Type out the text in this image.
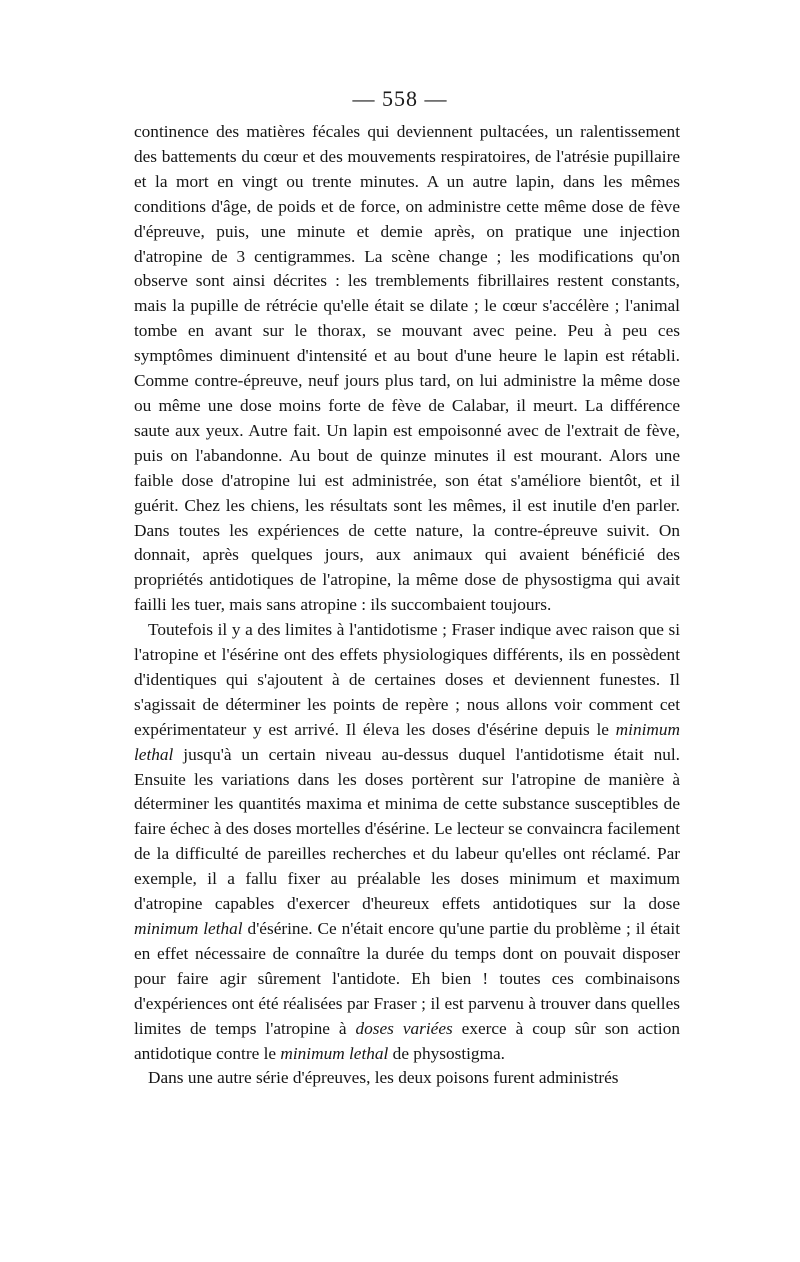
— 558 —

continence des matières fécales qui deviennent pultacées, un ralentissement des battements du cœur et des mouvements respiratoires, de l'atrésie pupillaire et la mort en vingt ou trente minutes. A un autre lapin, dans les mêmes conditions d'âge, de poids et de force, on administre cette même dose de fève d'épreuve, puis, une minute et demie après, on pratique une injection d'atropine de 3 centigrammes. La scène change ; les modifications qu'on observe sont ainsi décrites : les tremblements fibrillaires restent constants, mais la pupille de rétrécie qu'elle était se dilate ; le cœur s'accélère ; l'animal tombe en avant sur le thorax, se mouvant avec peine. Peu à peu ces symptômes diminuent d'intensité et au bout d'une heure le lapin est rétabli. Comme contre-épreuve, neuf jours plus tard, on lui administre la même dose ou même une dose moins forte de fève de Calabar, il meurt. La différence saute aux yeux. Autre fait. Un lapin est empoisonné avec de l'extrait de fève, puis on l'abandonne. Au bout de quinze minutes il est mourant. Alors une faible dose d'atropine lui est administrée, son état s'améliore bientôt, et il guérit. Chez les chiens, les résultats sont les mêmes, il est inutile d'en parler. Dans toutes les expériences de cette nature, la contre-épreuve suivit. On donnait, après quelques jours, aux animaux qui avaient bénéficié des propriétés antidotiques de l'atropine, la même dose de physostigma qui avait failli les tuer, mais sans atropine : ils succombaient toujours.

Toutefois il y a des limites à l'antidotisme ; Fraser indique avec raison que si l'atropine et l'ésérine ont des effets physiologiques différents, ils en possèdent d'identiques qui s'ajoutent à de certaines doses et deviennent funestes. Il s'agissait de déterminer les points de repère ; nous allons voir comment cet expérimentateur y est arrivé. Il éleva les doses d'ésérine depuis le minimum lethal jusqu'à un certain niveau au-dessus duquel l'antidotisme était nul. Ensuite les variations dans les doses portèrent sur l'atropine de manière à déterminer les quantités maxima et minima de cette substance susceptibles de faire échec à des doses mortelles d'ésérine. Le lecteur se convaincra facilement de la difficulté de pareilles recherches et du labeur qu'elles ont réclamé. Par exemple, il a fallu fixer au préalable les doses minimum et maximum d'atropine capables d'exercer d'heureux effets antidotiques sur la dose minimum lethal d'ésérine. Ce n'était encore qu'une partie du problème ; il était en effet nécessaire de connaître la durée du temps dont on pouvait disposer pour faire agir sûrement l'antidote. Eh bien ! toutes ces combinaisons d'expériences ont été réalisées par Fraser ; il est parvenu à trouver dans quelles limites de temps l'atropine à doses variées exerce à coup sûr son action antidotique contre le minimum lethal de physostigma.

Dans une autre série d'épreuves, les deux poisons furent administrés
